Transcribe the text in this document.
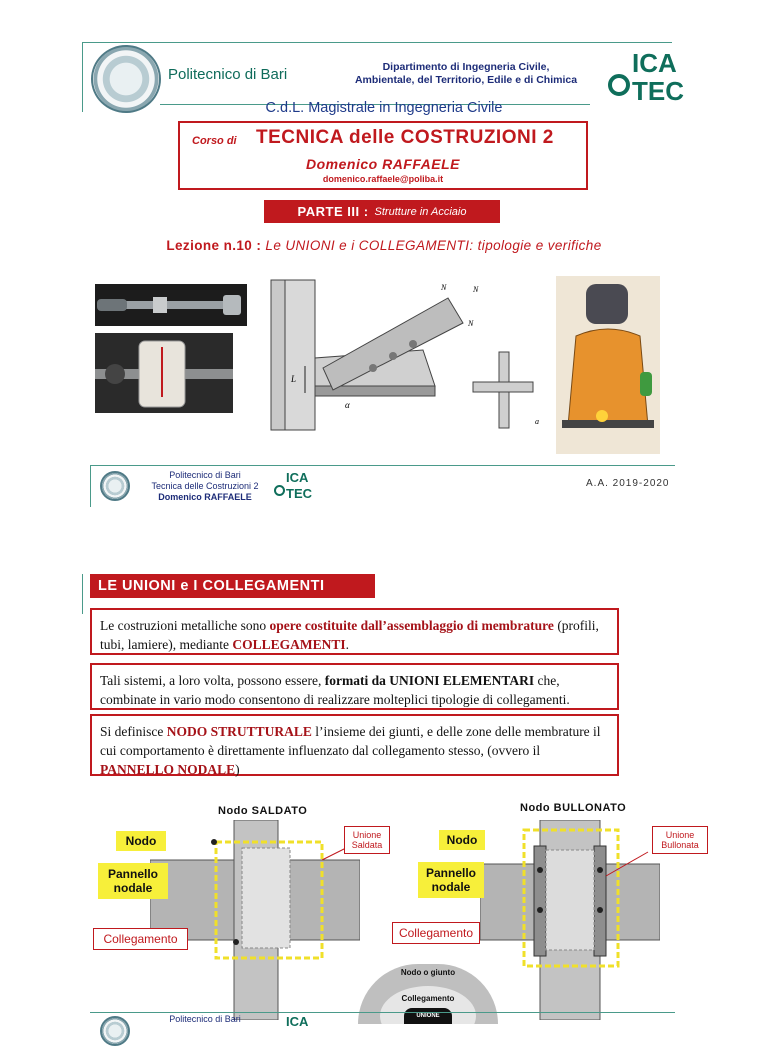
Politecnico di Bari	Dipartimento di Ingegneria Civile,
Ambientale, del Territorio, Edile e di Chimica
ICA
TEC
C.d.L. Magistrale in Ingegneria Civile
Corso di TECNICA delle COSTRUZIONI 2
Domenico RAFFAELE
domenico.raffaele@poliba.it
PARTE III : Strutture in Acciaio
Lezione n.10 : Le UNIONI e i COLLEGAMENTI: tipologie e verifiche
L
N	N
N
α
a
Politecnico di Bari
Tecnica delle Costruzioni 2
Domenico RAFFAELE
ICA
TEC
A.A. 2019-2020
LE UNIONI e I COLLEGAMENTI
Le costruzioni metalliche sono opere costituite dall’assemblaggio di membrature (profili, tubi, lamiere), mediante COLLEGAMENTI.
Tali sistemi, a loro volta, possono essere, formati da UNIONI ELEMENTARI che, combinate in vario modo consentono di realizzare molteplici tipologie di collegamenti.
Si definisce NODO STRUTTURALE l’insieme dei giunti, e delle zone delle membrature il cui comportamento è direttamente influenzato dal collegamento stesso, (ovvero il PANNELLO NODALE)
Nodo SALDATO
Nodo
Pannello nodale
Collegamento
Unione Saldata
Nodo BULLONATO
Nodo
Pannello nodale
Collegamento
Unione Bullonata
Nodo o giunto
Collegamento
UNIONE
Politecnico di Bari	ICA
